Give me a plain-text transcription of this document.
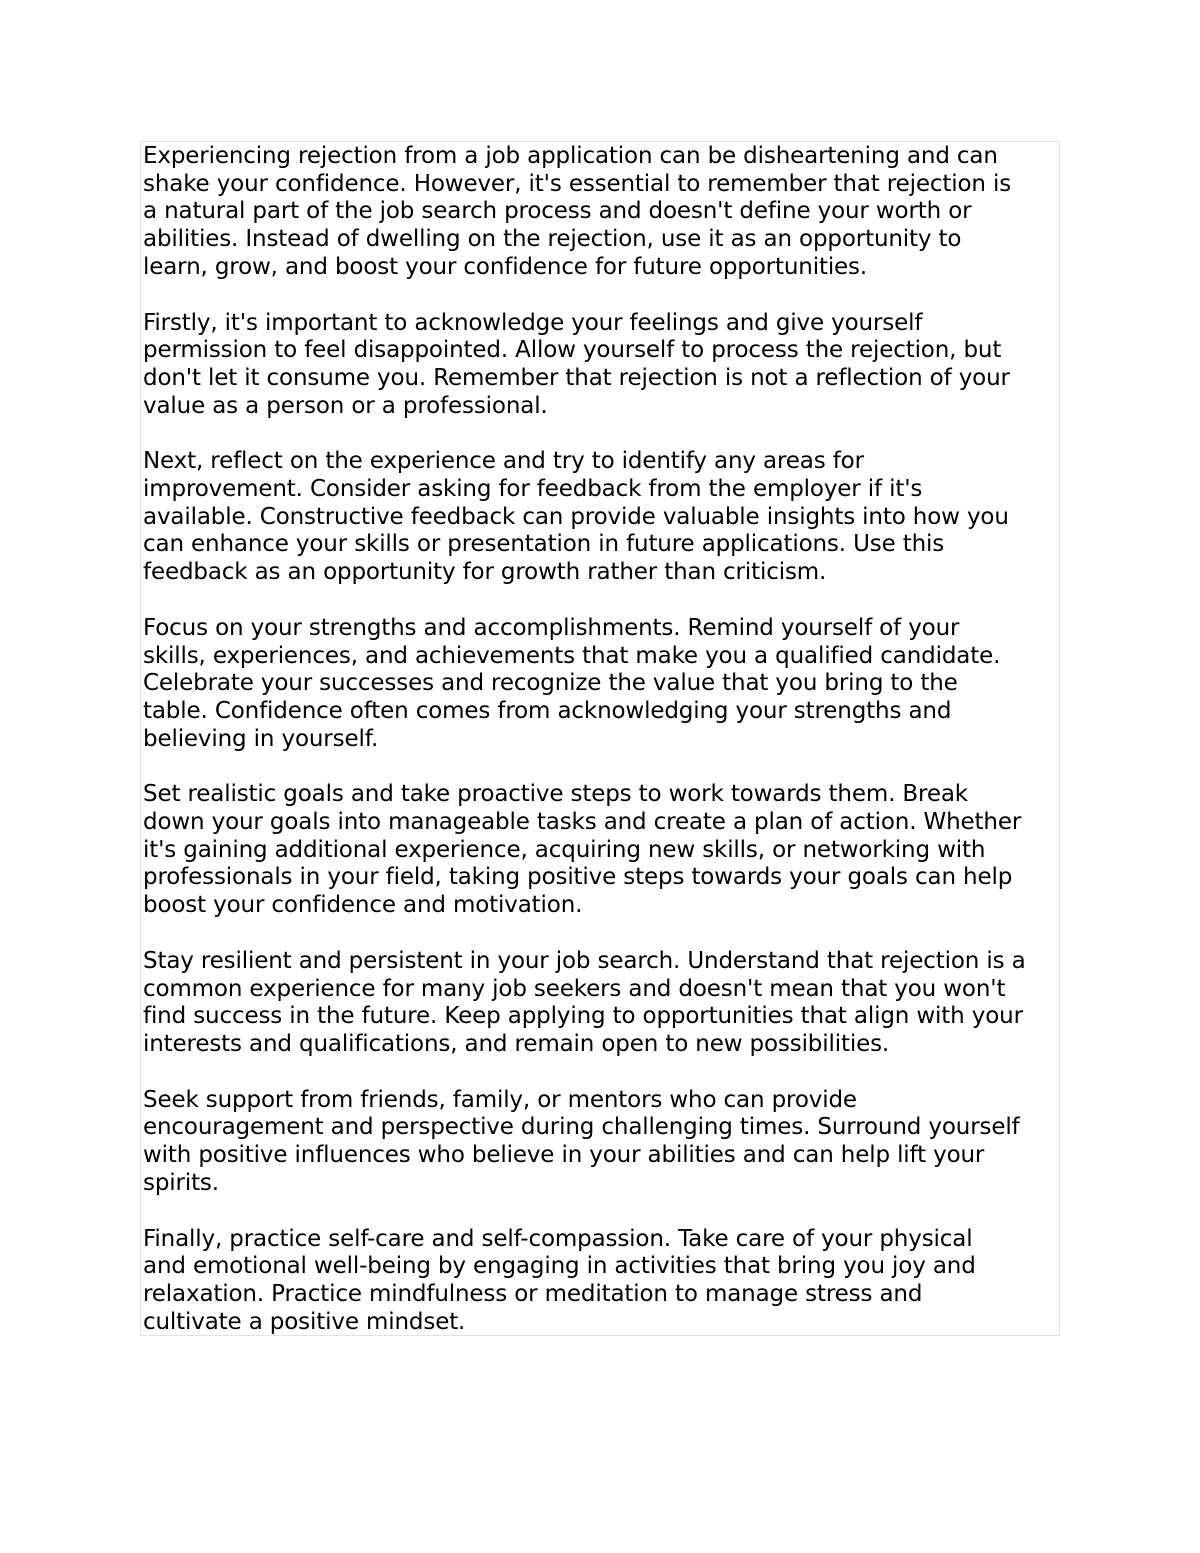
Experiencing rejection from a job application can be disheartening and can
shake your confidence. However, it's essential to remember that rejection is
a natural part of the job search process and doesn't define your worth or
abilities. Instead of dwelling on the rejection, use it as an opportunity to
learn, grow, and boost your confidence for future opportunities.

Firstly, it's important to acknowledge your feelings and give yourself
permission to feel disappointed. Allow yourself to process the rejection, but
don't let it consume you. Remember that rejection is not a reflection of your
value as a person or a professional.

Next, reflect on the experience and try to identify any areas for
improvement. Consider asking for feedback from the employer if it's
available. Constructive feedback can provide valuable insights into how you
can enhance your skills or presentation in future applications. Use this
feedback as an opportunity for growth rather than criticism.

Focus on your strengths and accomplishments. Remind yourself of your
skills, experiences, and achievements that make you a qualified candidate.
Celebrate your successes and recognize the value that you bring to the
table. Confidence often comes from acknowledging your strengths and
believing in yourself.

Set realistic goals and take proactive steps to work towards them. Break
down your goals into manageable tasks and create a plan of action. Whether
it's gaining additional experience, acquiring new skills, or networking with
professionals in your field, taking positive steps towards your goals can help
boost your confidence and motivation.

Stay resilient and persistent in your job search. Understand that rejection is a
common experience for many job seekers and doesn't mean that you won't
find success in the future. Keep applying to opportunities that align with your
interests and qualifications, and remain open to new possibilities.

Seek support from friends, family, or mentors who can provide
encouragement and perspective during challenging times. Surround yourself
with positive influences who believe in your abilities and can help lift your
spirits.

Finally, practice self-care and self-compassion. Take care of your physical
and emotional well-being by engaging in activities that bring you joy and
relaxation. Practice mindfulness or meditation to manage stress and
cultivate a positive mindset.
